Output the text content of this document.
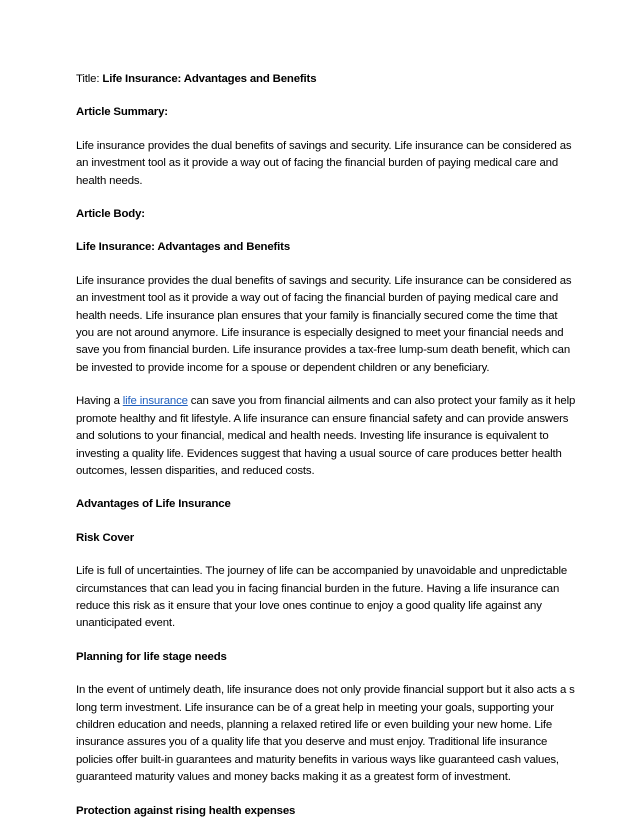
Title: Life Insurance: Advantages and Benefits
Article Summary:

Life insurance provides the dual benefits of savings and security. Life insurance can be considered as an investment tool as it provide a way out of facing the financial burden of paying medical care and health needs.

Article Body:
Life Insurance: Advantages and Benefits

Life insurance provides the dual benefits of savings and security. Life insurance can be considered as an investment tool as it provide a way out of facing the financial burden of paying medical care and health needs. Life insurance plan ensures that your family is financially secured come the time that you are not around anymore. Life insurance is especially designed to meet your financial needs and save you from financial burden. Life insurance provides a tax-free lump-sum death benefit, which can be invested to provide income for a spouse or dependent children or any beneficiary.

Having a life insurance can save you from financial ailments and can also protect your family as it help promote healthy and fit lifestyle. A life insurance can ensure financial safety and can provide answers and solutions to your financial, medical and health needs. Investing life insurance is equivalent to investing a quality life. Evidences suggest that having a usual source of care produces better health outcomes, lessen disparities, and reduced costs.

Advantages of Life Insurance
Risk Cover

Life is full of uncertainties. The journey of life can be accompanied by unavoidable and unpredictable circumstances that can lead you in facing financial burden in the future. Having a life insurance can reduce this risk as it ensure that your love ones continue to enjoy a good quality life against any unanticipated event.

Planning for life stage needs

In the event of untimely death, life insurance does not only provide financial support but it also acts a s long term investment. Life insurance can be of a great help in meeting your goals, supporting your children education and needs, planning a relaxed retired life or even building your new home. Life insurance assures you of a quality life that you deserve and must enjoy. Traditional life insurance policies offer built-in guarantees and maturity benefits in various ways like guaranteed cash values, guaranteed maturity values and money backs making it as a greatest form of investment.

Protection against rising health expenses
